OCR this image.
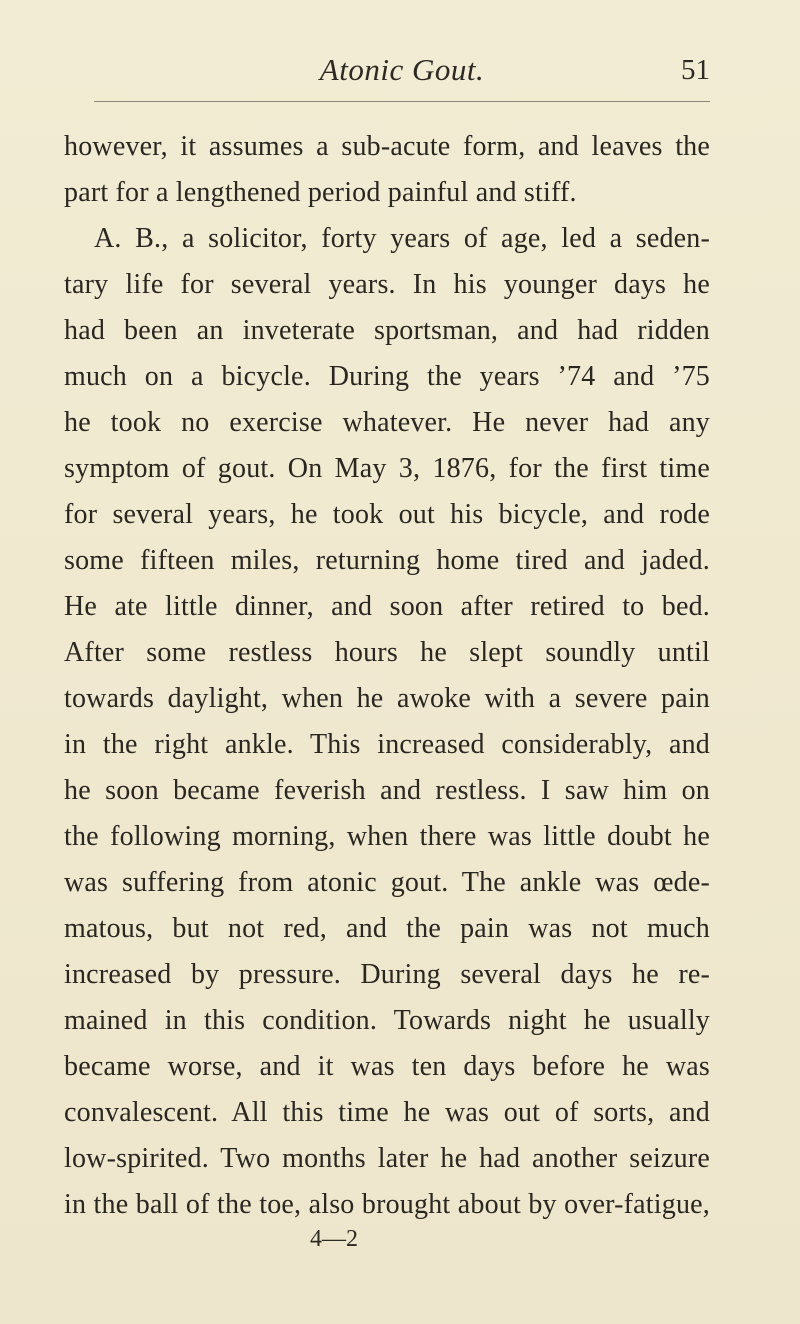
Atonic Gout.	51
however, it assumes a sub-acute form, and leaves the
part for a lengthened period painful and stiff.
A. B., a solicitor, forty years of age, led a seden-
tary life for several years. In his younger days he
had been an inveterate sportsman, and had ridden
much on a bicycle. During the years ’74 and ’75
he took no exercise whatever. He never had any
symptom of gout. On May 3, 1876, for the first time
for several years, he took out his bicycle, and rode
some fifteen miles, returning home tired and jaded.
He ate little dinner, and soon after retired to bed.
After some restless hours he slept soundly until
towards daylight, when he awoke with a severe pain
in the right ankle. This increased considerably, and
he soon became feverish and restless. I saw him on
the following morning, when there was little doubt he
was suffering from atonic gout. The ankle was œde-
matous, but not red, and the pain was not much
increased by pressure. During several days he re-
mained in this condition. Towards night he usually
became worse, and it was ten days before he was
convalescent. All this time he was out of sorts, and
low-spirited. Two months later he had another seizure
in the ball of the toe, also brought about by over-fatigue,
4—2
